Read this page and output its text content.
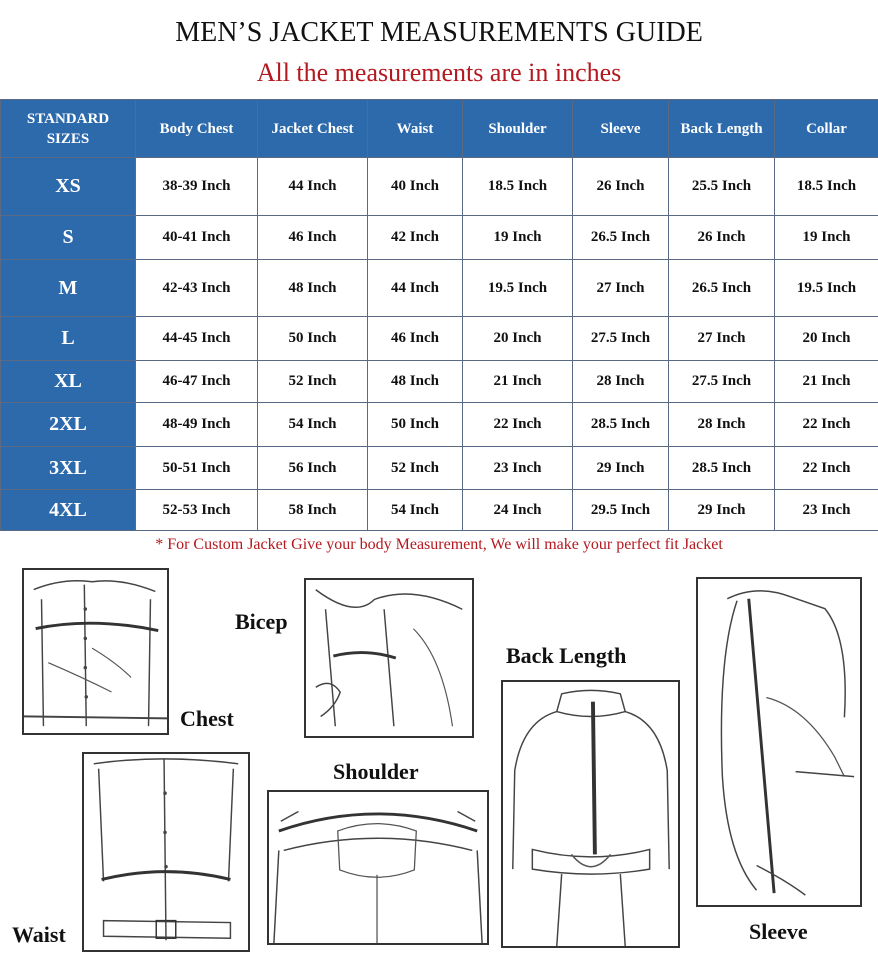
MEN’S JACKET MEASUREMENTS GUIDE
All the measurements are in inches
STANDARD SIZES	Body Chest	Jacket Chest	Waist	Shoulder	Sleeve	Back Length	Collar
XS	38-39 Inch	44 Inch	40 Inch	18.5 Inch	26 Inch	25.5 Inch	18.5 Inch
S	40-41 Inch	46 Inch	42 Inch	19 Inch	26.5 Inch	26 Inch	19 Inch
M	42-43 Inch	48 Inch	44 Inch	19.5 Inch	27 Inch	26.5 Inch	19.5 Inch
L	44-45 Inch	50 Inch	46 Inch	20 Inch	27.5 Inch	27 Inch	20 Inch
XL	46-47 Inch	52 Inch	48 Inch	21 Inch	28 Inch	27.5 Inch	21 Inch
2XL	48-49 Inch	54 Inch	50 Inch	22 Inch	28.5 Inch	28 Inch	22 Inch
3XL	50-51 Inch	56 Inch	52 Inch	23 Inch	29 Inch	28.5 Inch	22 Inch
4XL	52-53 Inch	58 Inch	54 Inch	24 Inch	29.5 Inch	29 Inch	23 Inch
* For Custom Jacket Give your body Measurement, We will make your perfect fit Jacket
Chest
Bicep
Back Length
Sleeve
Shoulder
Waist
